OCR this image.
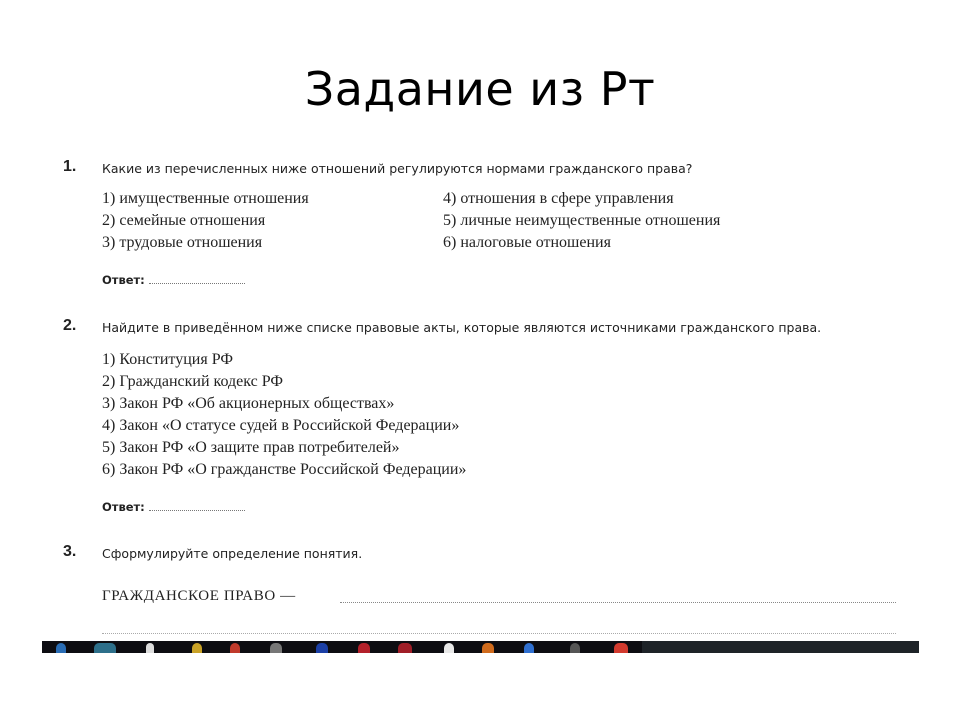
Задание из Рт
1. Какие из перечисленных ниже отношений регулируются нормами гражданского права?
1) имущественные отношения
2) семейные отношения
3) трудовые отношения
4) отношения в сфере управления
5) личные неимущественные отношения
6) налоговые отношения
Ответ:
2. Найдите в приведённом ниже списке правовые акты, которые являются источниками гражданского права.
1) Конституция РФ
2) Гражданский кодекс РФ
3) Закон РФ «Об акционерных обществах»
4) Закон «О статусе судей в Российской Федерации»
5) Закон РФ «О защите прав потребителей»
6) Закон РФ «О гражданстве Российской Федерации»
Ответ:
3. Сформулируйте определение понятия.
ГРАЖДАНСКОЕ ПРАВО —
